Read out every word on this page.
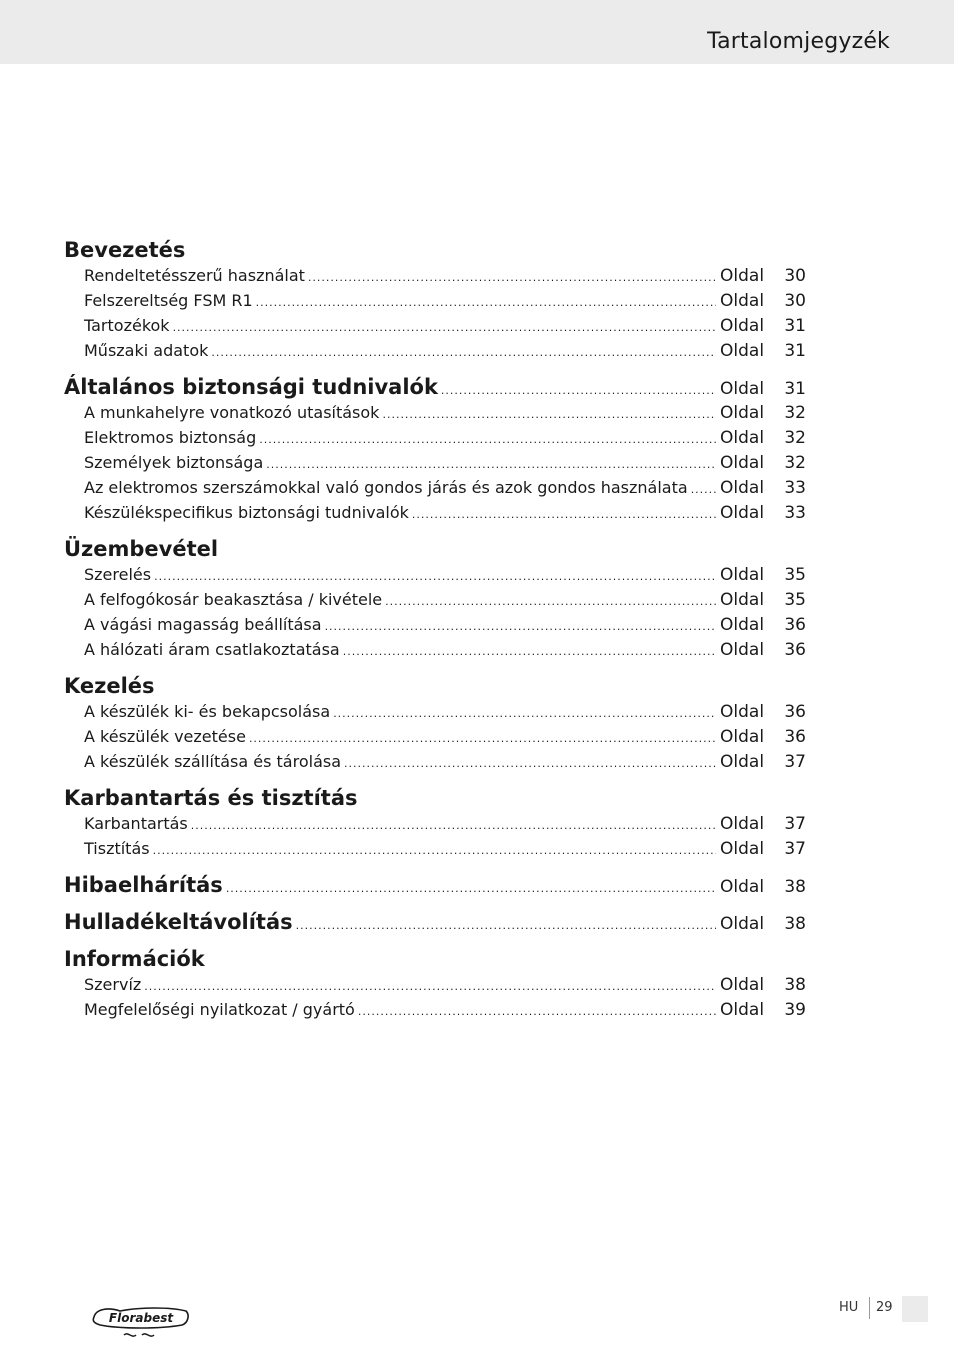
Tartalomjegyzék
Bevezetés
Rendeltetésszerű használat .....	Oldal	30
Felszereltség FSM R1 .....	Oldal	30
Tartozékok .....	Oldal	31
Műszaki adatok .....	Oldal	31
Általános biztonsági tudnivalók .....	Oldal	31
A munkahelyre vonatkozó utasítások .....	Oldal	32
Elektromos biztonság .....	Oldal	32
Személyek biztonsága .....	Oldal	32
Az elektromos szerszámokkal való gondos járás és azok gondos használata ..... Oldal	33
Készülékspecifikus biztonsági tudnivalók .....	Oldal	33
Üzembevétel
Szerelés .....	Oldal	35
A felfogókosár beakasztása / kivétele .....	Oldal	35
A vágási magasság beállítása .....	Oldal	36
A hálózati áram csatlakoztatása .....	Oldal	36
Kezelés
A készülék ki- és bekapcsolása .....	Oldal	36
A készülék vezetése .....	Oldal	36
A készülék szállítása és tárolása .....	Oldal	37
Karbantartás és tisztítás
Karbantartás .....	Oldal	37
Tisztítás .....	Oldal	37
Hibaelhárítás .....	Oldal	38
Hulladékeltávolítás .....	Oldal	38
Információk
Szervíz .....	Oldal	38
Megfelelőségi nyilatkozat / gyártó .....	Oldal	39
Florabest
HU 29
